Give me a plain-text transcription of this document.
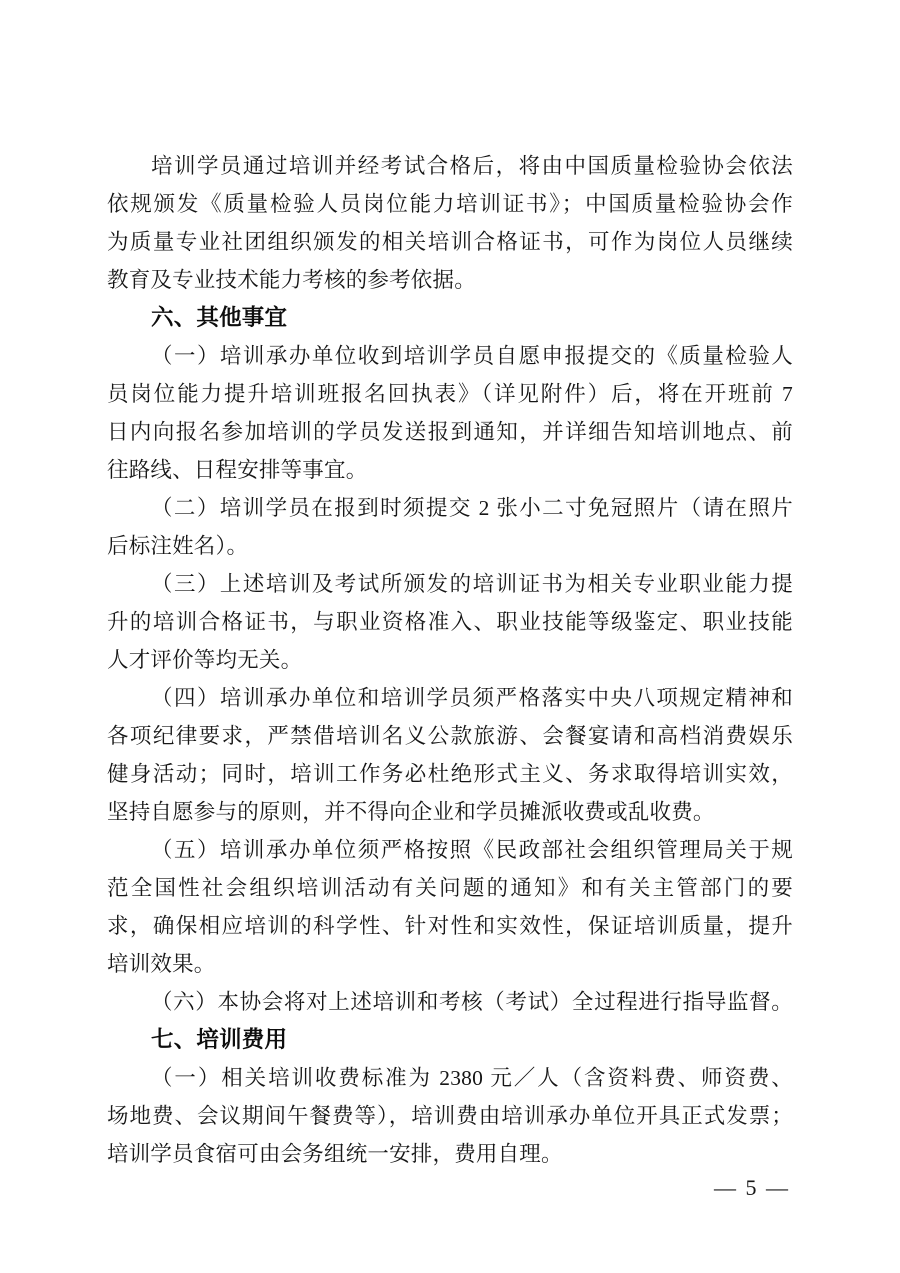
培训学员通过培训并经考试合格后，将由中国质量检验协会依法
依规颁发《质量检验人员岗位能力培训证书》；中国质量检验协会作
为质量专业社团组织颁发的相关培训合格证书，可作为岗位人员继续
教育及专业技术能力考核的参考依据。
六、其他事宜
（一）培训承办单位收到培训学员自愿申报提交的《质量检验人
员岗位能力提升培训班报名回执表》（详见附件）后，将在开班前 7
日内向报名参加培训的学员发送报到通知，并详细告知培训地点、前
往路线、日程安排等事宜。
（二）培训学员在报到时须提交 2 张小二寸免冠照片（请在照片
后标注姓名）。
（三）上述培训及考试所颁发的培训证书为相关专业职业能力提
升的培训合格证书，与职业资格准入、职业技能等级鉴定、职业技能
人才评价等均无关。
（四）培训承办单位和培训学员须严格落实中央八项规定精神和
各项纪律要求，严禁借培训名义公款旅游、会餐宴请和高档消费娱乐
健身活动；同时，培训工作务必杜绝形式主义、务求取得培训实效，
坚持自愿参与的原则，并不得向企业和学员摊派收费或乱收费。
（五）培训承办单位须严格按照《民政部社会组织管理局关于规
范全国性社会组织培训活动有关问题的通知》和有关主管部门的要
求，确保相应培训的科学性、针对性和实效性，保证培训质量，提升
培训效果。
（六）本协会将对上述培训和考核（考试）全过程进行指导监督。
七、培训费用
（一）相关培训收费标准为 2380 元／人（含资料费、师资费、
场地费、会议期间午餐费等），培训费由培训承办单位开具正式发票；
培训学员食宿可由会务组统一安排，费用自理。
— 5 —
